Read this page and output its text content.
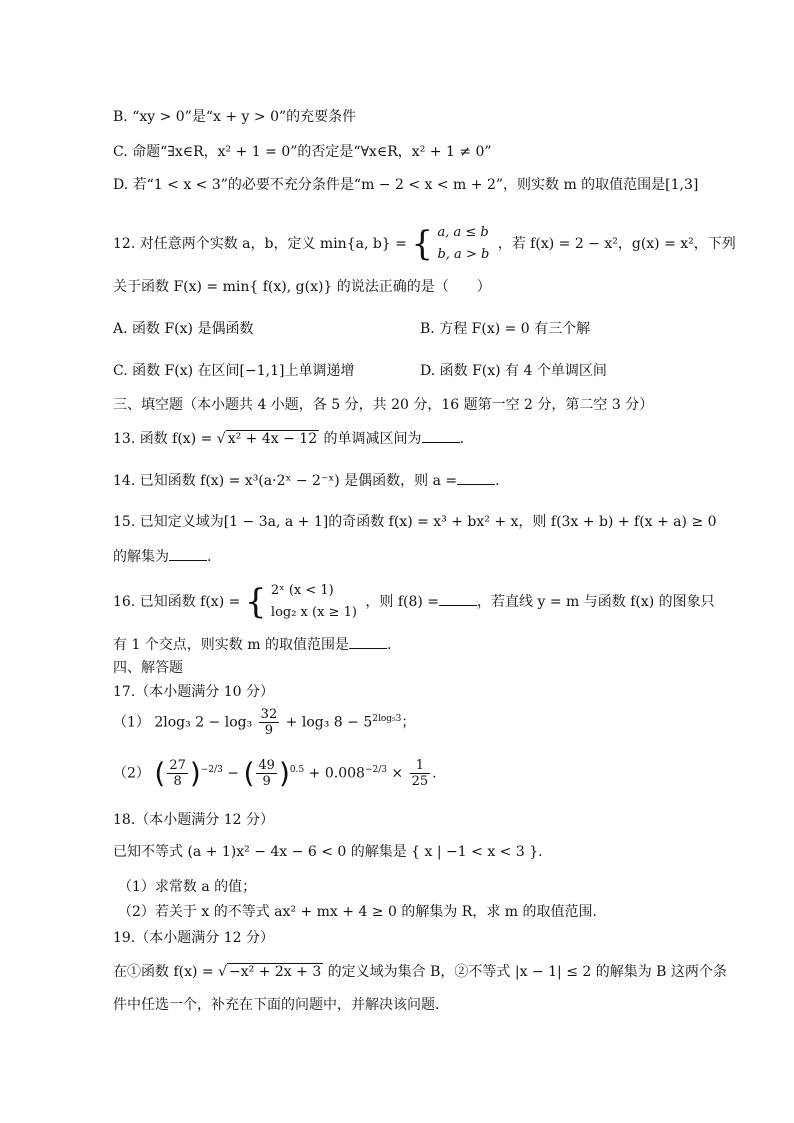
B. “xy > 0”是“x + y > 0”的充要条件
C. 命题“∃x∈R，x² + 1 = 0”的否定是“∀x∈R，x² + 1 ≠ 0”
D. 若“1 < x < 3”的必要不充分条件是“m − 2 < x < m + 2”，则实数 m 的取值范围是[1,3]
12. 对任意两个实数 a，b，定义 min{a, b} = { a, a ≤ b
b, a > b
，若 f(x) = 2 − x²，g(x) = x²，下列
关于函数 F(x) = min{ f(x), g(x)} 的说法正确的是（　　）
A. 函数 F(x) 是偶函数	B. 方程 F(x) = 0 有三个解
C. 函数 F(x) 在区间[−1,1]上单调递增	D. 函数 F(x) 有 4 个单调区间
三、填空题（本小题共 4 小题，各 5 分，共 20 分，16 题第一空 2 分，第二空 3 分）
13. 函数 f(x) = √ x² + 4x − 12 的单调减区间为	.
14. 已知函数 f(x) = x³(a·2ˣ − 2⁻ˣ) 是偶函数，则 a =	.
15. 已知定义域为[1 − 3a, a + 1]的奇函数 f(x) = x³ + bx² + x，则 f(3x + b) + f(x + a) ≥ 0
的解集为	.
16. 已知函数 f(x) = { 2ˣ (x < 1)
log₂ x (x ≥ 1)
，则 f(8) =	，若直线 y = m 与函数 f(x) 的图象只
有 1 个交点，则实数 m 的取值范围是	.
四、解答题
17.（本小题满分 10 分）
（1） 2log₃ $2 - \log_3 \frac{32}{9} + \log_3$ $8 - 5^{2log_53}$；
（2） ( $\frac{27}{8} )^{-2/3}$ − ( $\frac{49}{9} )^{0.5} + 0.008^{-2/3} \times \frac{1}{25}$ .
18.（本小题满分 12 分）
已知不等式 (a + 1)x² − 4x − 6 < 0 的解集是 { x | −1 < x < 3 }.
（1）求常数 a 的值；
（2）若关于 x 的不等式 ax² + mx + 4 ≥ 0 的解集为 R，求 m 的取值范围.
19.（本小题满分 12 分）
在①函数 f(x) = √ −x² + 2x + 3 的定义域为集合 B，②不等式 |x − 1| ≤ 2 的解集为 B 这两个条
件中任选一个，补充在下面的问题中，并解决该问题.
